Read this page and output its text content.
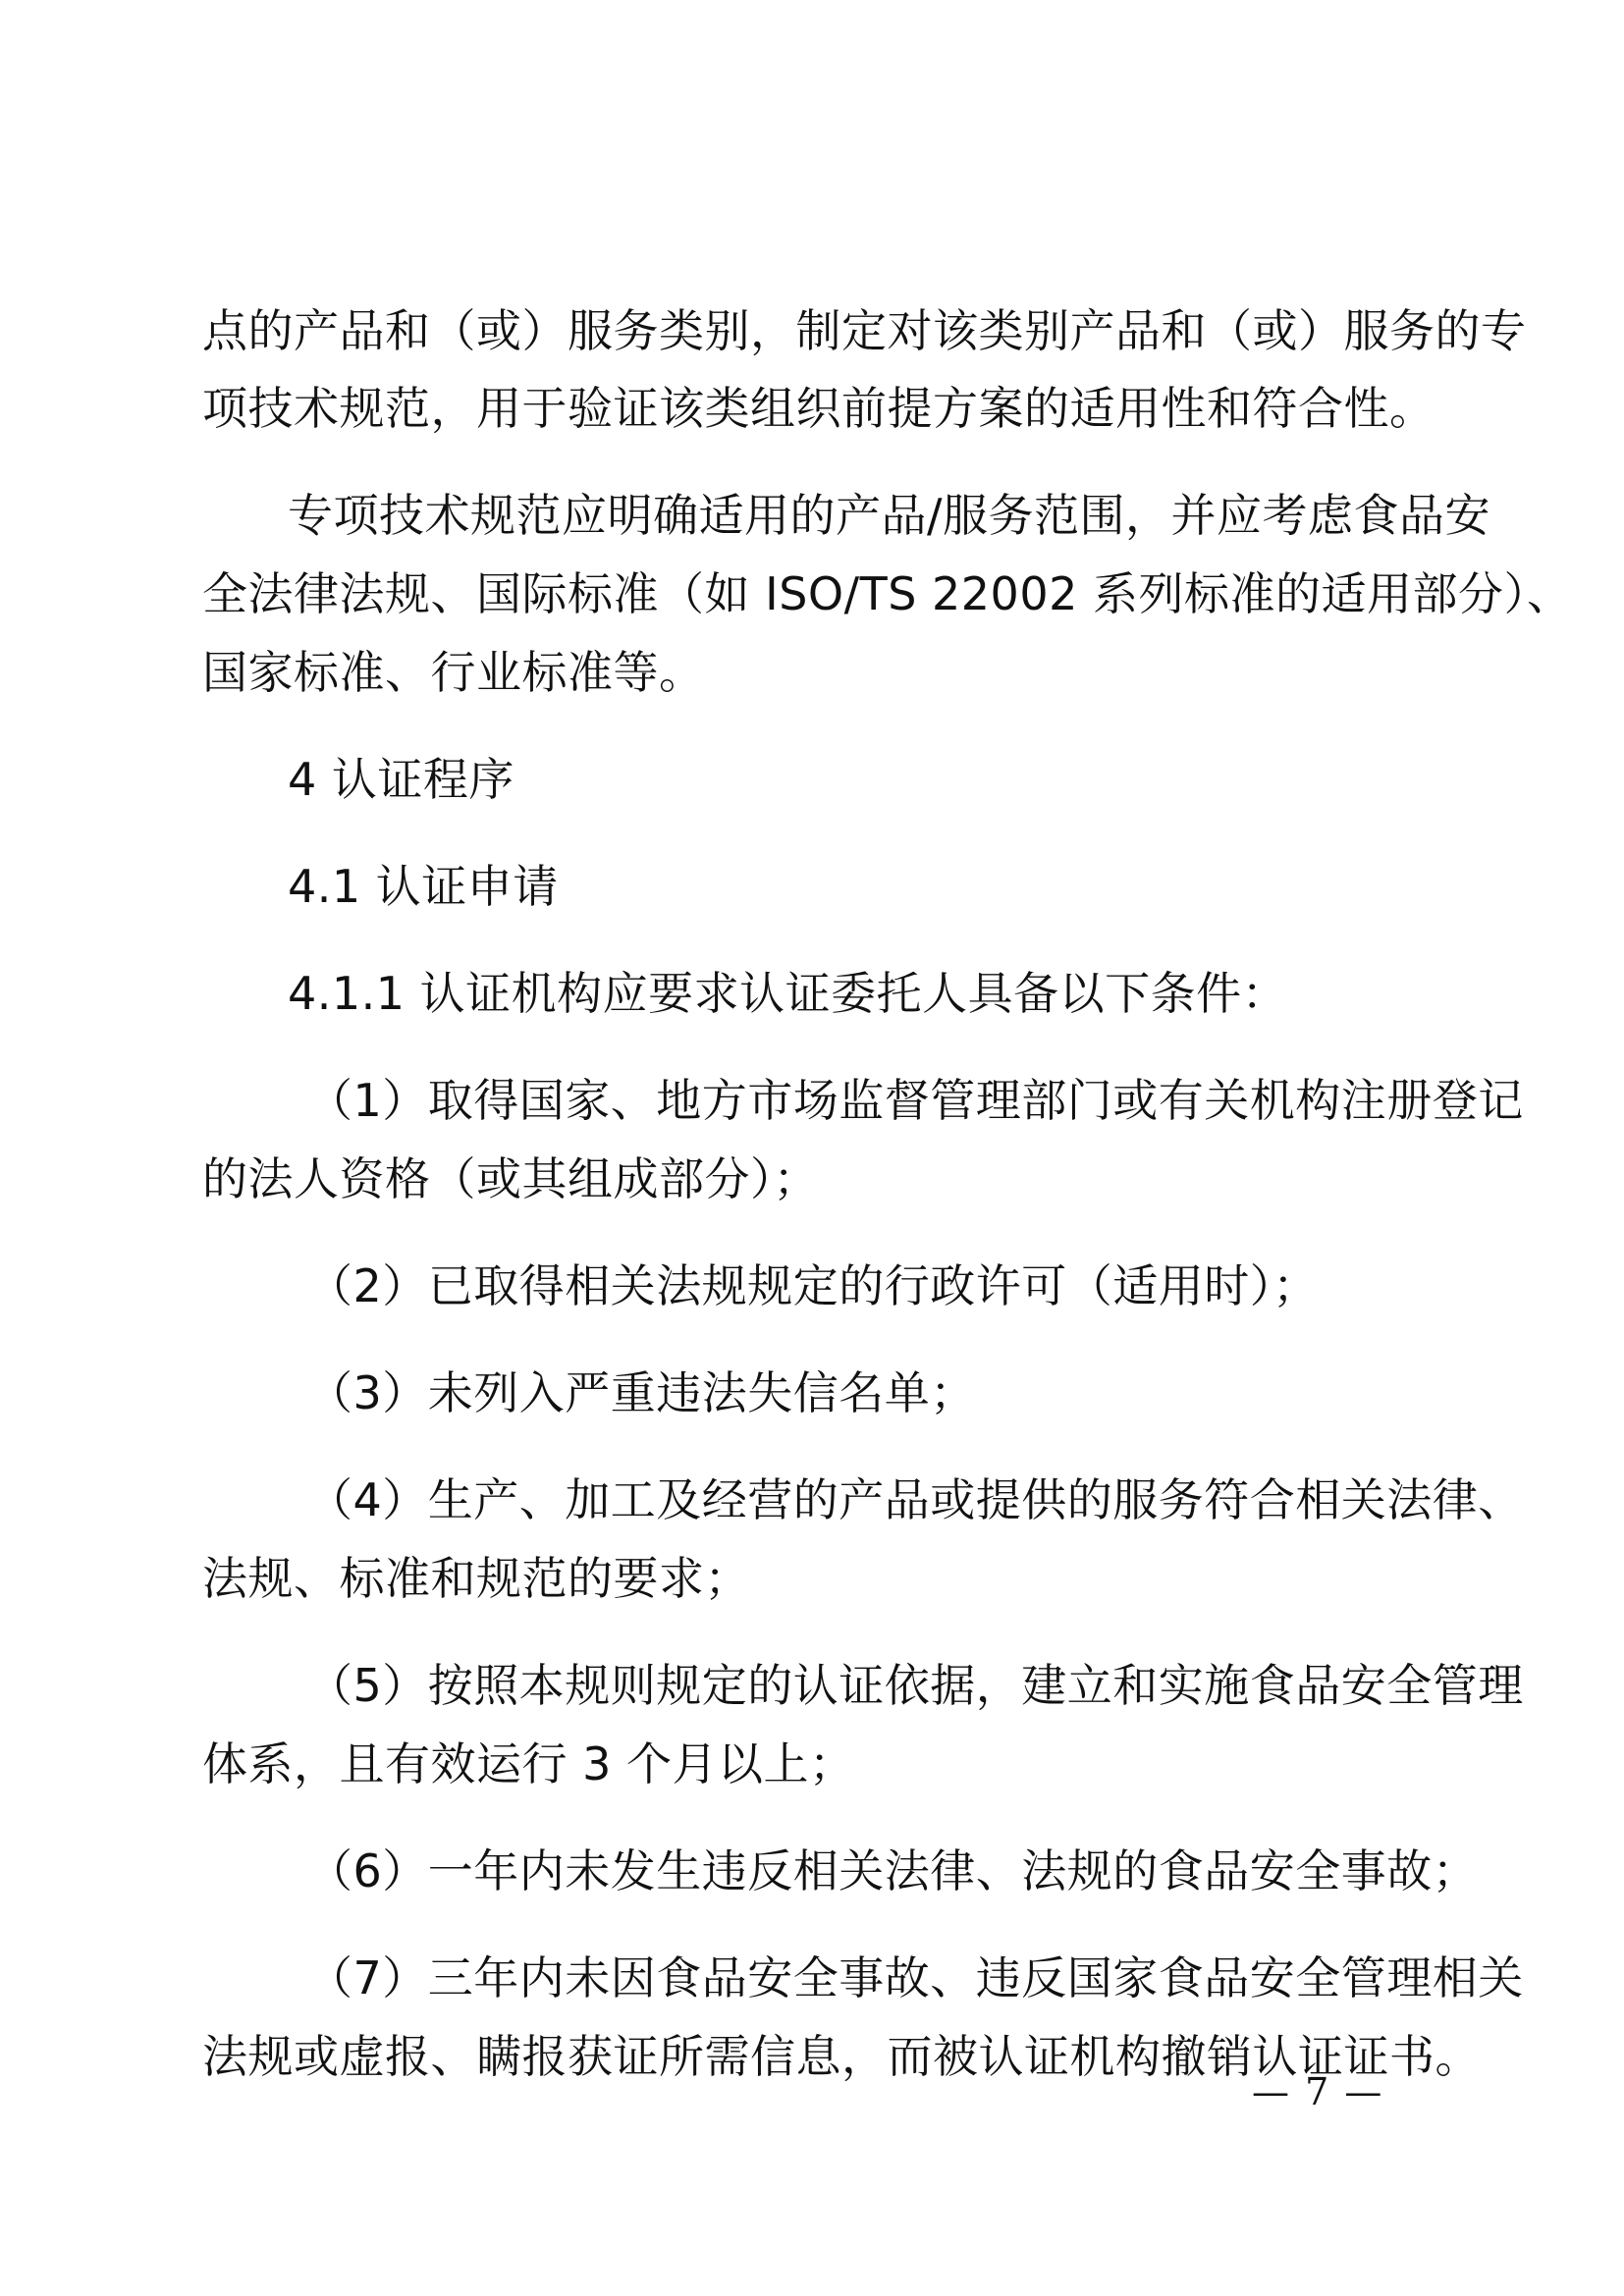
点的产品和（或）服务类别，制定对该类别产品和（或）服务的专
项技术规范，用于验证该类组织前提方案的适用性和符合性。
专项技术规范应明确适用的产品/服务范围，并应考虑食品安
全法律法规、国际标准（如 ISO/TS 22002 系列标准的适用部分）、
国家标准、行业标准等。
4 认证程序
4.1 认证申请
4.1.1 认证机构应要求认证委托人具备以下条件：
（1）取得国家、地方市场监督管理部门或有关机构注册登记
的法人资格（或其组成部分）；
（2）已取得相关法规规定的行政许可（适用时）；
（3）未列入严重违法失信名单；
（4）生产、加工及经营的产品或提供的服务符合相关法律、
法规、标准和规范的要求；
（5）按照本规则规定的认证依据，建立和实施食品安全管理
体系，且有效运行 3 个月以上；
（6）一年内未发生违反相关法律、法规的食品安全事故；
（7）三年内未因食品安全事故、违反国家食品安全管理相关
法规或虚报、瞒报获证所需信息，而被认证机构撤销认证证书。
— 7 —
